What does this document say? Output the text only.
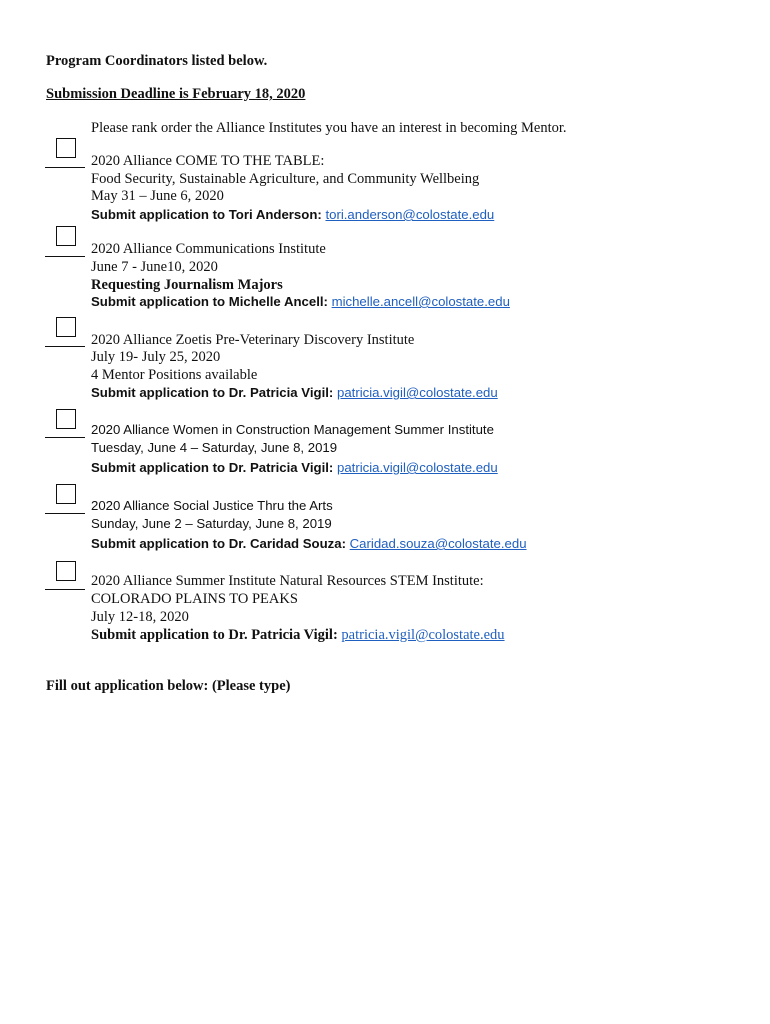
Program Coordinators listed below.
Submission Deadline is February 18, 2020
Please rank order the Alliance Institutes you have an interest in becoming Mentor.
2020 Alliance COME TO THE TABLE:
Food Security, Sustainable Agriculture, and Community Wellbeing
May 31 – June 6, 2020
Submit application to Tori Anderson: tori.anderson@colostate.edu
2020 Alliance Communications Institute
June 7 - June10, 2020
Requesting Journalism Majors
Submit application to Michelle Ancell: michelle.ancell@colostate.edu
2020 Alliance Zoetis Pre-Veterinary Discovery Institute
July 19- July 25, 2020
4 Mentor Positions available
Submit application to Dr. Patricia Vigil: patricia.vigil@colostate.edu
2020 Alliance Women in Construction Management Summer Institute
Tuesday, June 4 – Saturday, June 8, 2019
Submit application to Dr. Patricia Vigil: patricia.vigil@colostate.edu
2020 Alliance Social Justice Thru the Arts
Sunday, June 2 – Saturday, June 8, 2019
Submit application to Dr. Caridad Souza: Caridad.souza@colostate.edu
2020 Alliance Summer Institute Natural Resources STEM Institute:
COLORADO PLAINS TO PEAKS
July 12-18, 2020
Submit application to Dr. Patricia Vigil: patricia.vigil@colostate.edu
Fill out application below: (Please type)
